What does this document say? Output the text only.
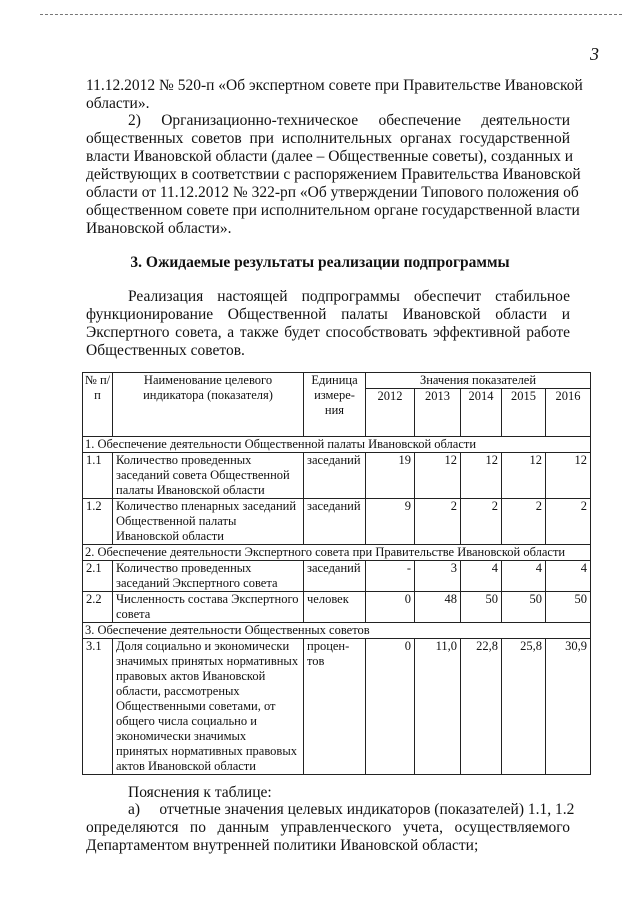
3
11.12.2012 № 520-п «Об экспертном совете при Правительстве Ивановской
области».
2) Организационно-техническое обеспечение деятельности
общественных советов при исполнительных органах государственной
власти Ивановской области (далее – Общественные советы), созданных и
действующих в соответствии с распоряжением Правительства Ивановской
области от 11.12.2012 № 322-рп «Об утверждении Типового положения об
общественном совете при исполнительном органе государственной власти
Ивановской области».
3. Ожидаемые результаты реализации подпрограммы
Реализация настоящей подпрограммы обеспечит стабильное
функционирование Общественной палаты Ивановской области и
Экспертного совета, а также будет способствовать эффективной работе
Общественных советов.
№ п/п	Наименование целевого индикатора (показателя)	Единица измере-ния	Значения показателей				
			2012	2013	2014	2015	2016
1. Обеспечение деятельности Общественной палаты Ивановской области							
1.1	Количество проведенных заседаний совета Общественной палаты Ивановской области	заседаний	19	12	12	12	12
1.2	Количество пленарных заседаний Общественной палаты Ивановской области	заседаний	9	2	2	2	2
2. Обеспечение деятельности Экспертного совета при Правительстве Ивановской области							
2.1	Количество проведенных заседаний Экспертного совета	заседаний	-	3	4	4	4
2.2	Численность состава Экспертного совета	человек	0	48	50	50	50
3. Обеспечение деятельности Общественных советов							
3.1	Доля социально и экономически значимых принятых нормативных правовых актов Ивановской области, рассмотреных Общественными советами, от общего числа социально и экономически значимых принятых нормативных правовых актов Ивановской области	процен-тов	0	11,0	22,8	25,8	30,9
Пояснения к таблице:
а)     отчетные значения целевых индикаторов (показателей) 1.1, 1.2
определяются по данным управленческого учета, осуществляемого
Департаментом внутренней политики Ивановской области;
